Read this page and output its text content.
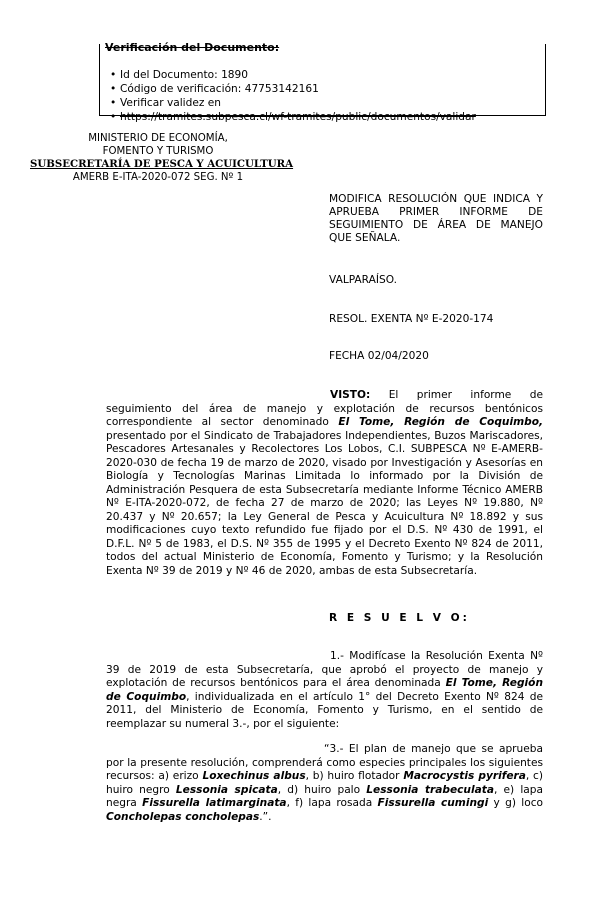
• Id del Documento: 1890
• Código de verificación: 47753142161
• Verificar validez en
• https://tramites.subpesca.cl/wf-tramites/public/documentos/validar
Verificación del Documento:
MINISTERIO DE ECONOMÍA,
FOMENTO Y TURISMO
SUBSECRETARÍA DE PESCA Y ACUICULTURA
AMERB E-ITA-2020-072 SEG. Nº 1
MODIFICA RESOLUCIÓN QUE INDICA Y APRUEBA PRIMER INFORME DE SEGUIMIENTO DE ÁREA DE MANEJO QUE SEÑALA.
VALPARAÍSO.
RESOL. EXENTA Nº E-2020-174
FECHA 02/04/2020
VISTO: El primer informe de seguimiento del área de manejo y explotación de recursos bentónicos correspondiente al sector denominado El Tome, Región de Coquimbo, presentado por el Sindicato de Trabajadores Independientes, Buzos Mariscadores, Pescadores Artesanales y Recolectores Los Lobos, C.I. SUBPESCA Nº E-AMERB-2020-030 de fecha 19 de marzo de 2020, visado por Investigación y Asesorías en Biología y Tecnologías Marinas Limitada lo informado por la División de Administración Pesquera de esta Subsecretaría mediante Informe Técnico AMERB Nº E-ITA-2020-072, de fecha 27 de marzo de 2020; las Leyes Nº 19.880, Nº 20.437 y Nº 20.657; la Ley General de Pesca y Acuicultura Nº 18.892 y sus modificaciones cuyo texto refundido fue fijado por el D.S. Nº 430 de 1991, el D.F.L. Nº 5 de 1983, el D.S. Nº 355 de 1995 y el Decreto Exento Nº 824 de 2011, todos del actual Ministerio de Economía, Fomento y Turismo; y la Resolución Exenta Nº 39 de 2019 y Nº 46 de 2020, ambas de esta Subsecretaría.
R E S U E L V O:
1.- Modifícase la Resolución Exenta Nº 39 de 2019 de esta Subsecretaría, que aprobó el proyecto de manejo y explotación de recursos bentónicos para el área denominada El Tome, Región de Coquimbo, individualizada en el artículo 1° del Decreto Exento Nº 824 de 2011, del Ministerio de Economía, Fomento y Turismo, en el sentido de reemplazar su numeral 3.-, por el siguiente:
“3.- El plan de manejo que se aprueba por la presente resolución, comprenderá como especies principales los siguientes recursos: a) erizo Loxechinus albus, b) huiro flotador Macrocystis pyrifera, c) huiro negro Lessonia spicata, d) huiro palo Lessonia trabeculata, e) lapa negra Fissurella latimarginata, f) lapa rosada Fissurella cumingi y g) loco Concholepas concholepas.”.
